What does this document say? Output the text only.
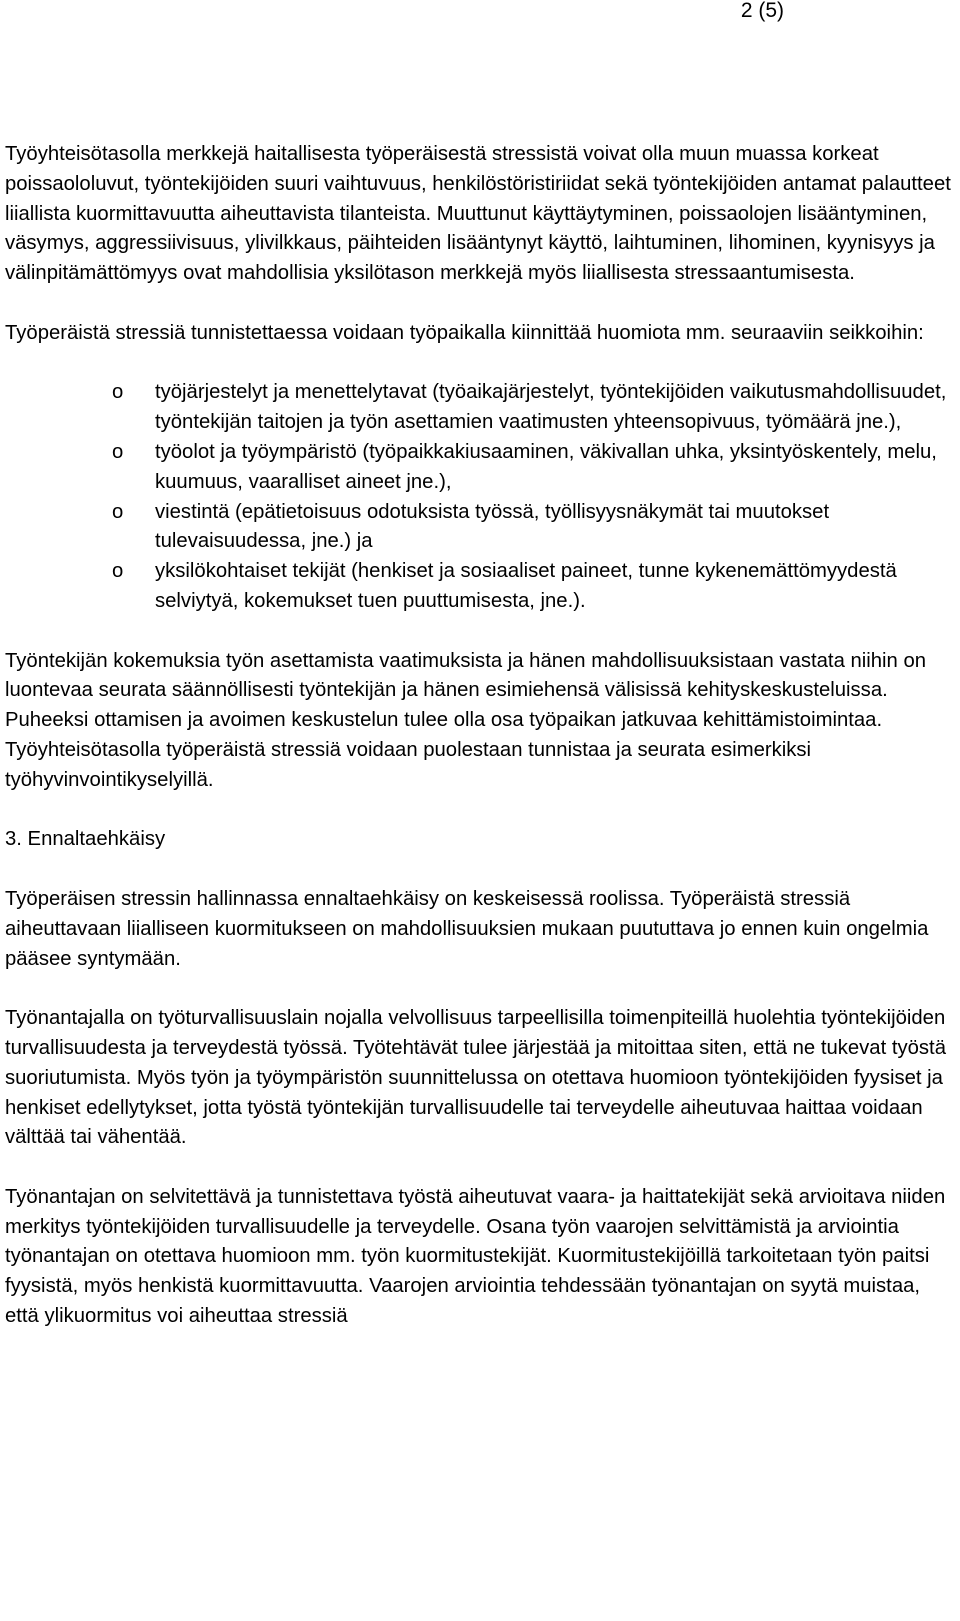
2 (5)

Työyhteisötasolla merkkejä haitallisesta työperäisestä stressistä voivat olla muun muassa korkeat poissaololuvut, työntekijöiden suuri vaihtuvuus, henkilöstöristiriidat sekä työntekijöiden antamat palautteet liiallista kuormittavuutta aiheuttavista tilanteista. Muuttunut käyttäytyminen, poissaolojen lisääntyminen, väsymys, aggressiivisuus, ylivilkkaus, päihteiden lisääntynyt käyttö, laihtuminen, lihominen, kyynisyys ja välinpitämättömyys ovat mahdollisia yksilötason merkkejä myös liiallisesta stressaantumisesta.

Työperäistä stressiä tunnistettaessa voidaan työpaikalla kiinnittää huomiota mm. seuraaviin seikkoihin:

o työjärjestelyt ja menettelytavat (työaikajärjestelyt, työntekijöiden vaikutusmahdollisuudet, työntekijän taitojen ja työn asettamien vaatimusten yhteensopivuus, työmäärä jne.),
o työolot ja työympäristö (työpaikkakiusaaminen, väkivallan uhka, yksintyöskentely, melu, kuumuus, vaaralliset aineet jne.),
o viestintä (epätietoisuus odotuksista työssä, työllisyysnäkymät tai muutokset tulevaisuudessa, jne.) ja
o yksilökohtaiset tekijät (henkiset ja sosiaaliset paineet, tunne kykenemättömyydestä selviytyä, kokemukset tuen puuttumisesta, jne.).

Työntekijän kokemuksia työn asettamista vaatimuksista ja hänen mahdollisuuksistaan vastata niihin on luontevaa seurata säännöllisesti työntekijän ja hänen esimiehensä välisissä kehityskeskusteluissa. Puheeksi ottamisen ja avoimen keskustelun tulee olla osa työpaikan jatkuvaa kehittämistoimintaa. Työyhteisötasolla työperäistä stressiä voidaan puolestaan tunnistaa ja seurata esimerkiksi työhyvinvointikyselyillä.

3. Ennaltaehkäisy

Työperäisen stressin hallinnassa ennaltaehkäisy on keskeisessä roolissa. Työperäistä stressiä aiheuttavaan liialliseen kuormitukseen on mahdollisuuksien mukaan puututtava jo ennen kuin ongelmia pääsee syntymään.

Työnantajalla on työturvallisuuslain nojalla velvollisuus tarpeellisilla toimenpiteillä huolehtia työntekijöiden turvallisuudesta ja terveydestä työssä. Työtehtävät tulee järjestää ja mitoittaa siten, että ne tukevat työstä suoriutumista. Myös työn ja työympäristön suunnittelussa on otettava huomioon työntekijöiden fyysiset ja henkiset edellytykset, jotta työstä työntekijän turvallisuudelle tai terveydelle aiheutuvaa haittaa voidaan välttää tai vähentää.

Työnantajan on selvitettävä ja tunnistettava työstä aiheutuvat vaara- ja haittatekijät sekä arvioitava niiden merkitys työntekijöiden turvallisuudelle ja terveydelle. Osana työn vaarojen selvittämistä ja arviointia työnantajan on otettava huomioon mm. työn kuormitustekijät. Kuormitustekijöillä tarkoitetaan työn paitsi fyysistä, myös henkistä kuormittavuutta. Vaarojen arviointia tehdessään työnantajan on syytä muistaa, että ylikuormitus voi aiheuttaa stressiä
